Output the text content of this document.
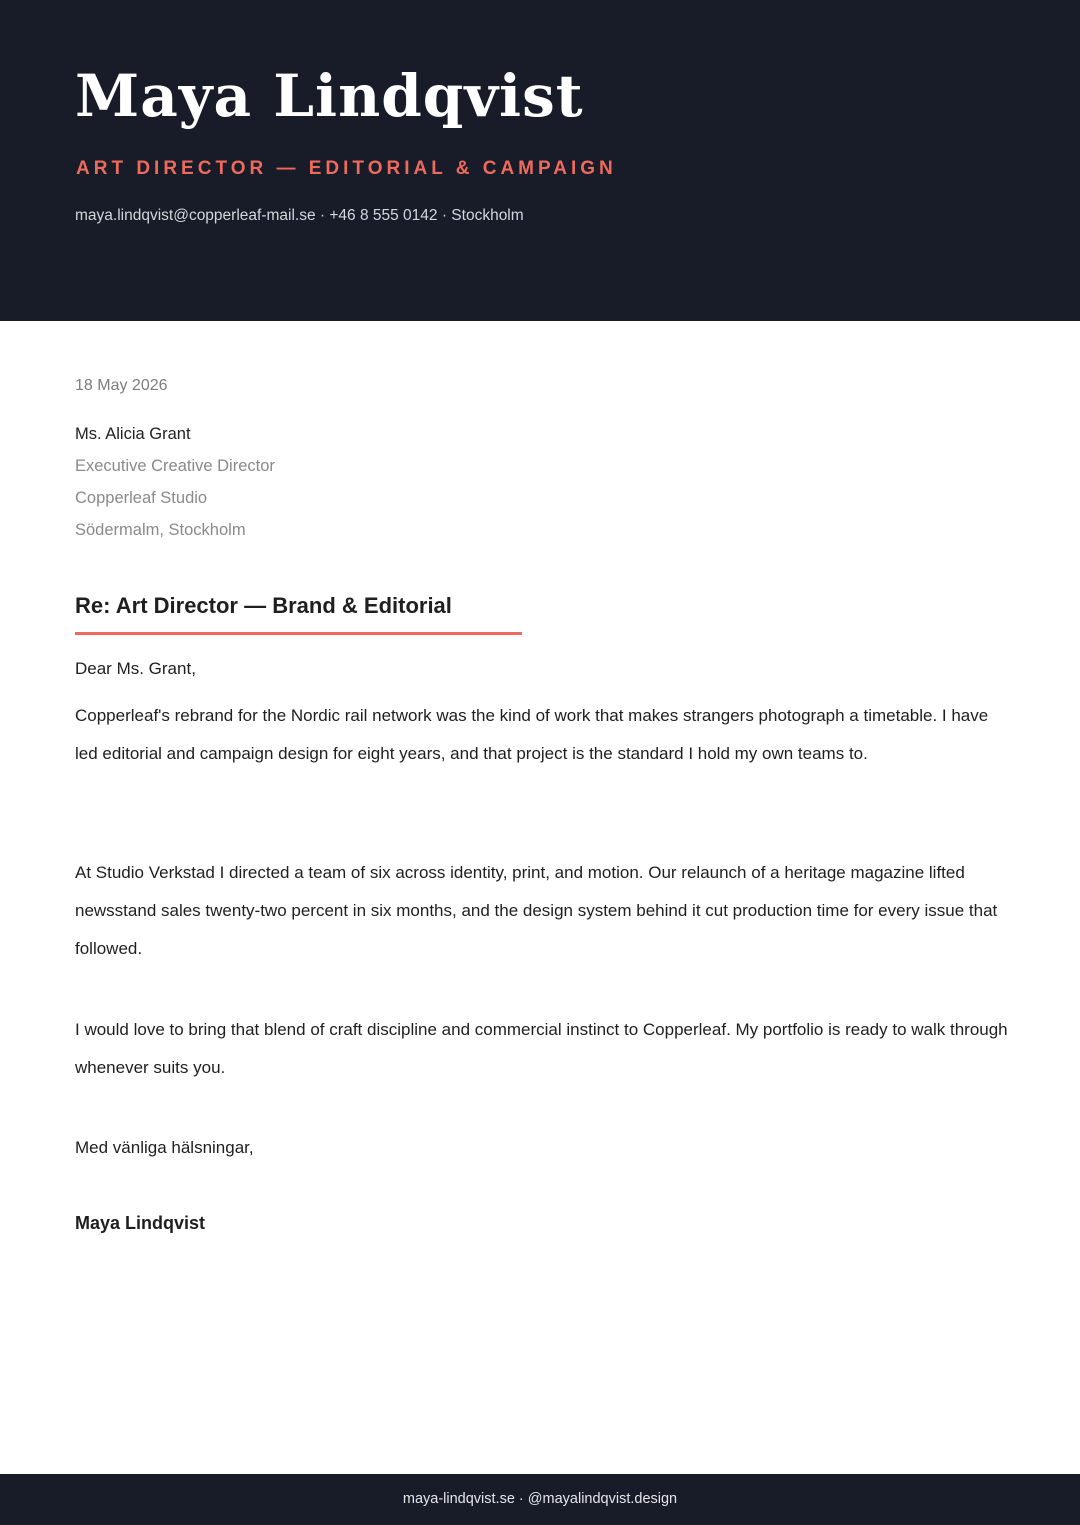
Maya Lindqvist
ART DIRECTOR — EDITORIAL & CAMPAIGN
maya.lindqvist@copperleaf-mail.se · +46 8 555 0142 · Stockholm
18 May 2026
Ms. Alicia Grant
Executive Creative Director
Copperleaf Studio
Södermalm, Stockholm
Re: Art Director — Brand & Editorial
Dear Ms. Grant,

Copperleaf's rebrand for the Nordic rail network was the kind of work that makes strangers photograph a timetable. I have led editorial and campaign design for eight years, and that project is the standard I hold my own teams to.

At Studio Verkstad I directed a team of six across identity, print, and motion. Our relaunch of a heritage magazine lifted newsstand sales twenty-two percent in six months, and the design system behind it cut production time for every issue that followed.

I would love to bring that blend of craft discipline and commercial instinct to Copperleaf. My portfolio is ready to walk through whenever suits you.

Med vänliga hälsningar,
Maya Lindqvist
maya-lindqvist.se · @mayalindqvist.design
